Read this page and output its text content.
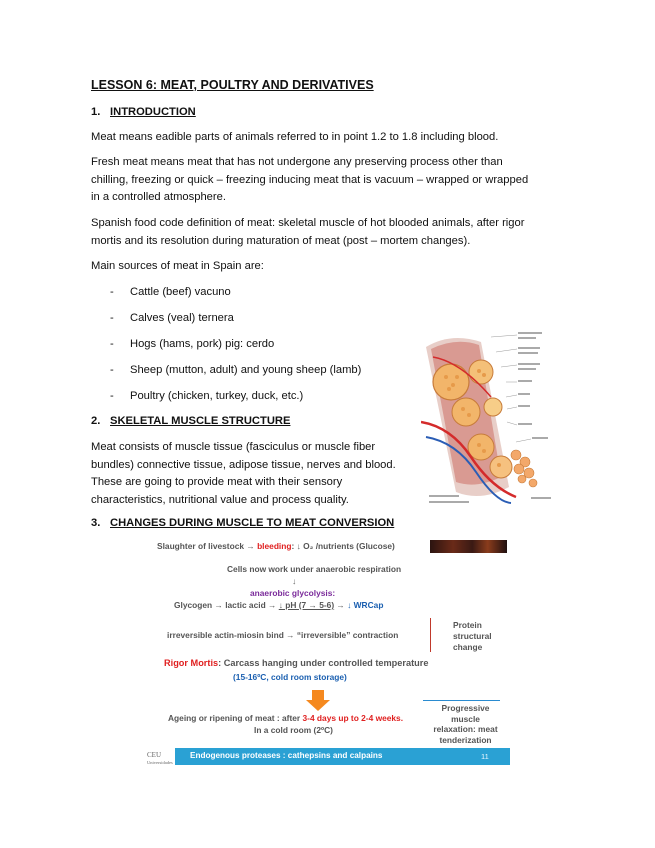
LESSON 6: MEAT, POULTRY AND DERIVATIVES
1. INTRODUCTION
Meat means eadible parts of animals referred to in point 1.2 to 1.8 including blood.
Fresh meat means meat that has not undergone any preserving process other than
chilling, freezing or quick – freezing inducing meat that is vacuum – wrapped or wrapped
in a controlled atmosphere.
Spanish food code definition of meat: skeletal muscle of hot blooded animals, after rigor
mortis and its resolution during maturation of meat (post – mortem changes).
Main sources of meat in Spain are:
- Cattle (beef) vacuno
- Calves (veal) ternera
- Hogs (hams, pork) pig: cerdo
- Sheep (mutton, adult) and young sheep (lamb)
- Poultry (chicken, turkey, duck, etc.)
2. SKELETAL MUSCLE STRUCTURE
Meat consists of muscle tissue (fasciculus or muscle fiber
bundles) connective tissue, adipose tissue, nerves and blood.
These are going to provide meat with their sensory
characteristics, nutritional value and process quality.
3. CHANGES DURING MUSCLE TO MEAT CONVERSION
Slaughter of livestock → bleeding: ↓ O₂ /nutrients (Glucose)
Cells now work under anaerobic respiration
↓
anaerobic glycolysis:
Glycogen → lactic acid → ↓ pH (7 → 5-6) → ↓ WRCap
irreversible actin-miosin bind → “irreversible” contraction
Protein
structural
change
Rigor Mortis: Carcass hanging under controlled temperature
(15-16ºC, cold room storage)
Progressive
muscle
relaxation: meat
tenderization
Ageing or ripening of meat : after 3-4 days up to 2-4 weeks.
In a cold room (2ºC)
Endogenous proteases : cathepsins and calpains	11
CEU
Universidades
